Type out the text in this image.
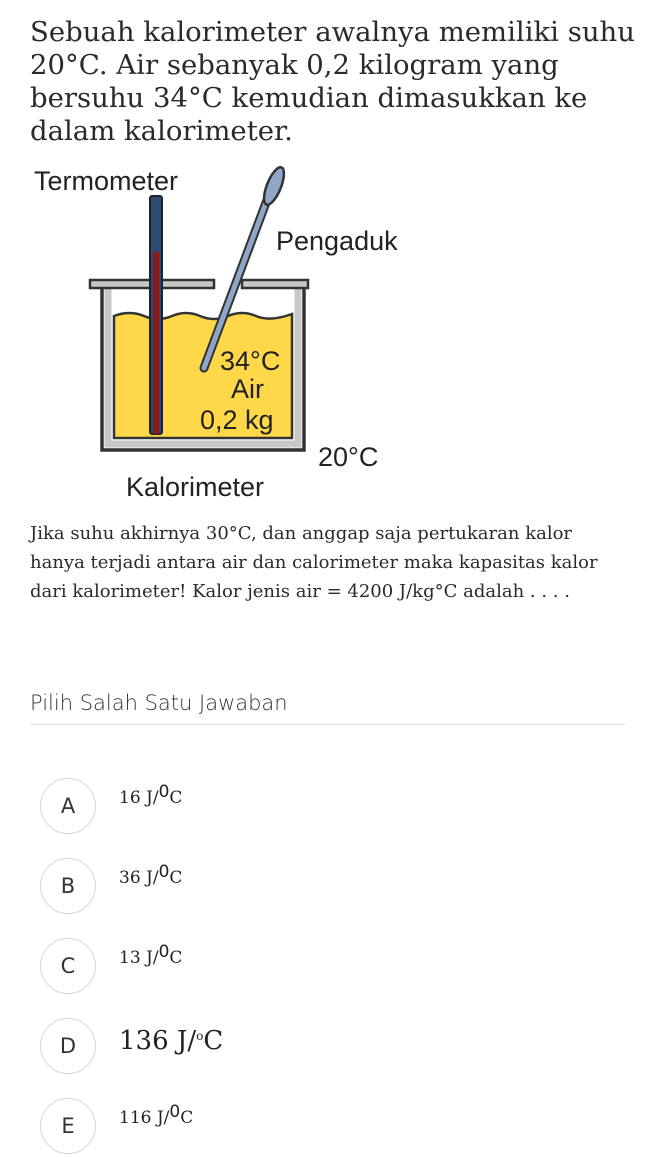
Sebuah kalorimeter awalnya memiliki suhu 20°C. Air sebanyak 0,2 kilogram yang bersuhu 34°C kemudian dimasukkan ke dalam kalorimeter.

Termometer
Pengaduk
34°C
Air
0,2 kg
20°C
Kalorimeter

Jika suhu akhirnya 30°C, dan anggap saja pertukaran kalor hanya terjadi antara air dan calorimeter maka kapasitas kalor dari kalorimeter! Kalor jenis air = 4200 J/kg°C adalah . . . .

Pilih Salah Satu Jawaban
A	16 J/$^0$C
B	36 J/$^0$C
C	13 J/$^0$C
D	136 J/$^o$C
E	116 J/$^0$C
